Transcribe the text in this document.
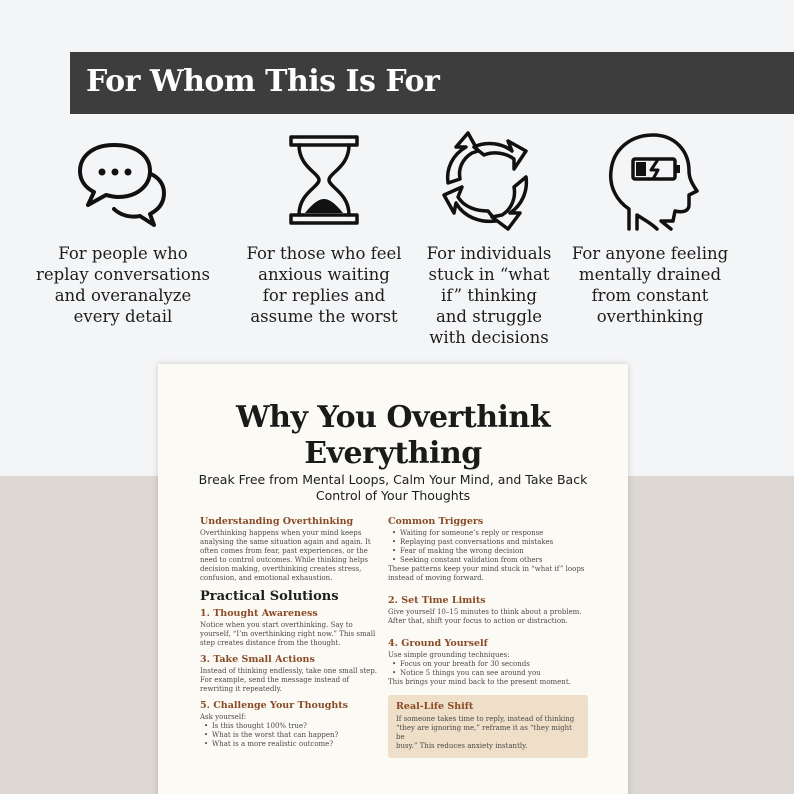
For Whom This Is For
For people who
replay conversations
and overanalyze
every detail
For those who feel
anxious waiting
for replies and
assume the worst
For individuals
stuck in “what
if” thinking
and struggle
with decisions
For anyone feeling
mentally drained
from constant
overthinking
Why You Overthink
Everything
Break Free from Mental Loops, Calm Your Mind, and Take Back
Control of Your Thoughts
Understanding Overthinking
Overthinking happens when your mind keeps
analysing the same situation again and again. It
often comes from fear, past experiences, or the
need to control outcomes. While thinking helps
decision making, overthinking creates stress,
confusion, and emotional exhaustion.
Practical Solutions
1. Thought Awareness
Notice when you start overthinking. Say to
yourself, “I’m overthinking right now.” This small
step creates distance from the thought.
3. Take Small Actions
Instead of thinking endlessly, take one small step.
For example, send the message instead of
rewriting it repeatedly.
5. Challenge Your Thoughts
Ask yourself:
• Is this thought 100% true?
• What is the worst that can happen?
• What is a more realistic outcome?
Common Triggers
• Waiting for someone’s reply or response
• Replaying past conversations and mistakes
• Fear of making the wrong decision
• Seeking constant validation from others
These patterns keep your mind stuck in “what if” loops
instead of moving forward.
2. Set Time Limits
Give yourself 10–15 minutes to think about a problem.
After that, shift your focus to action or distraction.
4. Ground Yourself
Use simple grounding techniques:
• Focus on your breath for 30 seconds
• Notice 5 things you can see around you
This brings your mind back to the present moment.
Real-Life Shift
If someone takes time to reply, instead of thinking
“they are ignoring me,” reframe it as “they might be
busy.” This reduces anxiety instantly.
